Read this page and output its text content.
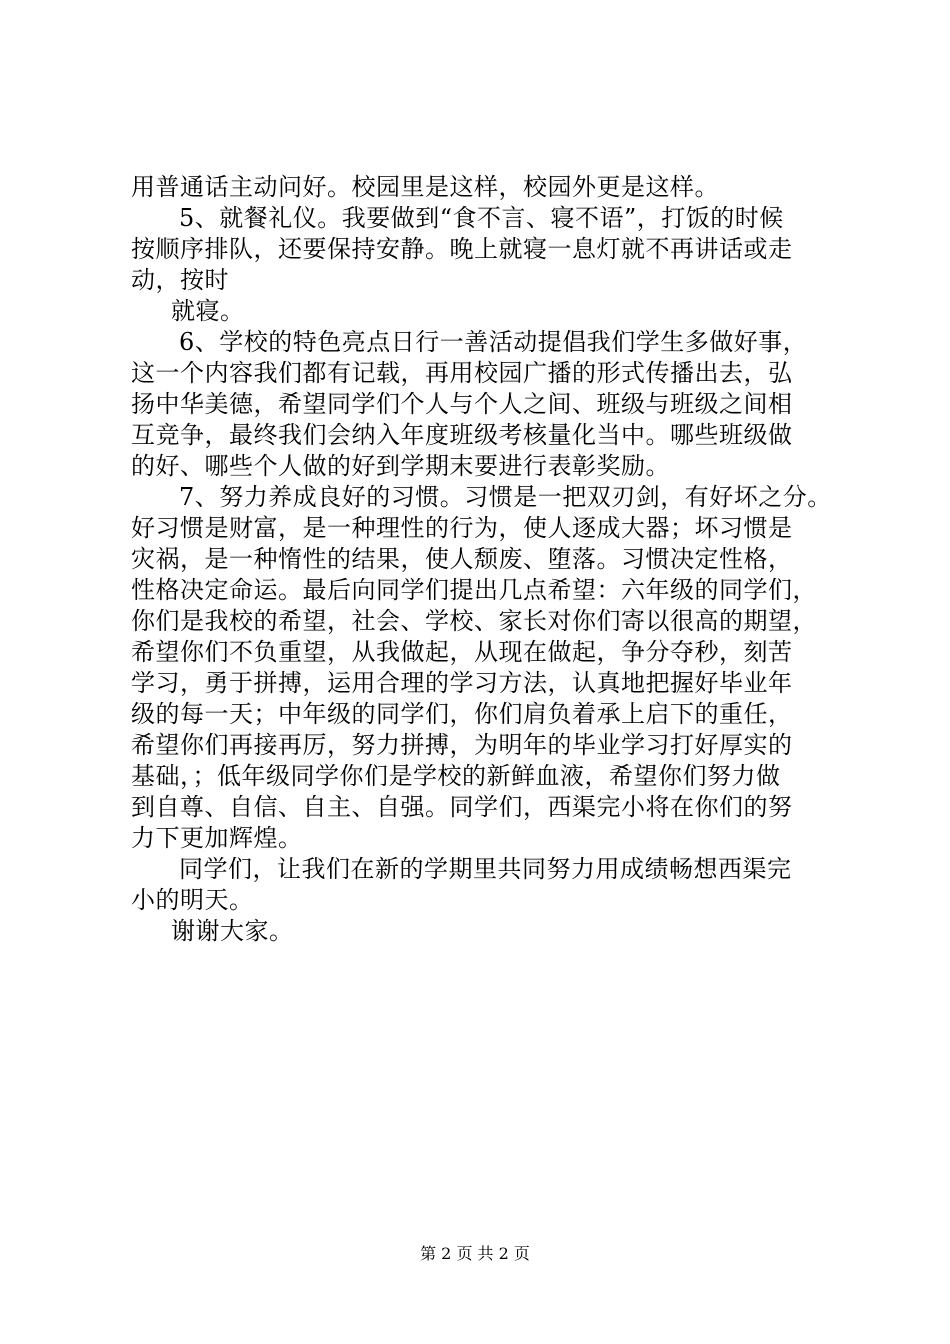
用普通话主动问好。校园里是这样，校园外更是这样。
5、就餐礼仪。我要做到“食不言、寝不语”，打饭的时候
按顺序排队，还要保持安静。晚上就寝一息灯就不再讲话或走
动，按时
就寝。
6、学校的特色亮点日行一善活动提倡我们学生多做好事，
这一个内容我们都有记载，再用校园广播的形式传播出去，弘
扬中华美德，希望同学们个人与个人之间、班级与班级之间相
互竞争，最终我们会纳入年度班级考核量化当中。哪些班级做
的好、哪些个人做的好到学期末要进行表彰奖励。
7、努力养成良好的习惯。习惯是一把双刃剑，有好坏之分。
好习惯是财富，是一种理性的行为，使人逐成大器；坏习惯是
灾祸，是一种惰性的结果，使人颓废、堕落。习惯决定性格，
性格决定命运。最后向同学们提出几点希望：六年级的同学们，
你们是我校的希望，社会、学校、家长对你们寄以很高的期望，
希望你们不负重望，从我做起，从现在做起，争分夺秒，刻苦
学习，勇于拼搏，运用合理的学习方法，认真地把握好毕业年
级的每一天；中年级的同学们，你们肩负着承上启下的重任，
希望你们再接再厉，努力拼搏，为明年的毕业学习打好厚实的
基础，；低年级同学你们是学校的新鲜血液，希望你们努力做
到自尊、自信、自主、自强。同学们，西渠完小将在你们的努
力下更加辉煌。
同学们，让我们在新的学期里共同努力用成绩畅想西渠完
小的明天。
谢谢大家。
第 2 页 共 2 页
